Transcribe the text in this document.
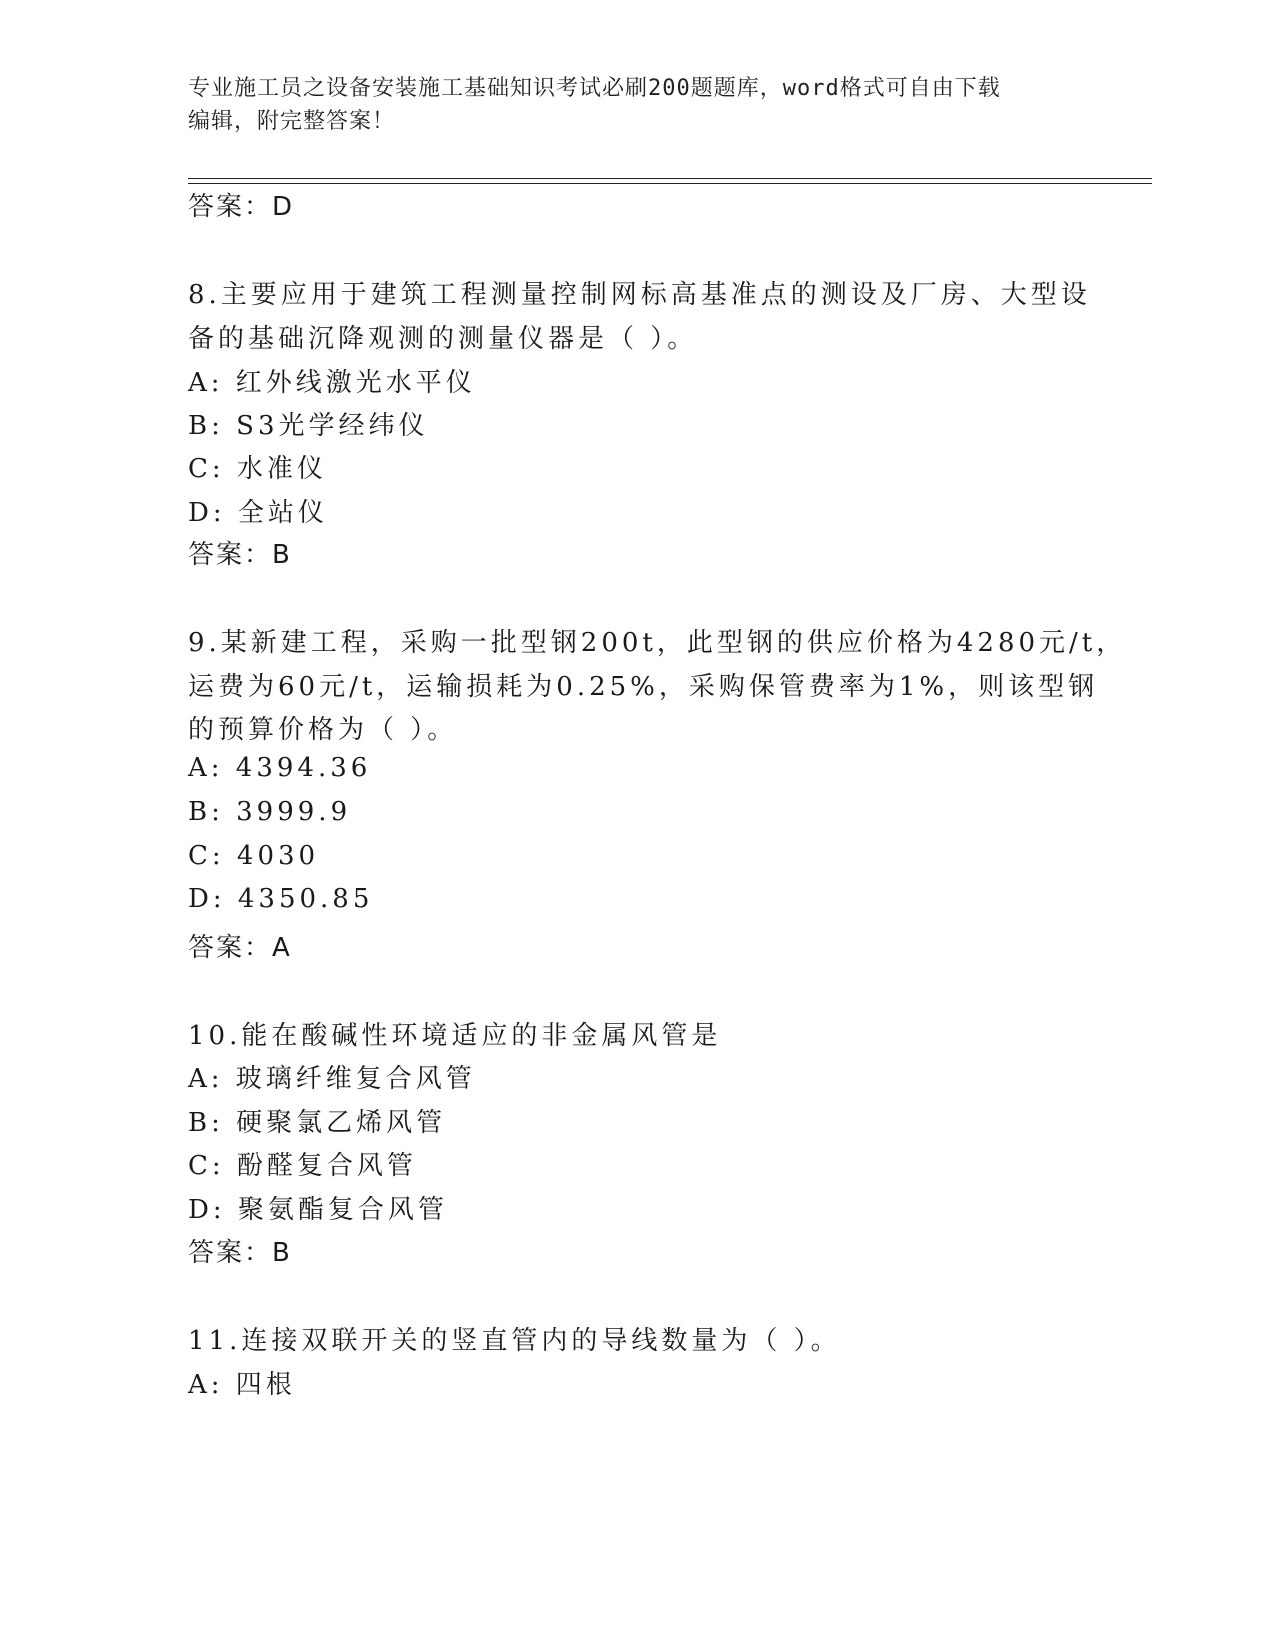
专业施工员之设备安装施工基础知识考试必刷200题题库，word格式可自由下载
编辑，附完整答案！
答案：D
8.主要应用于建筑工程测量控制网标高基准点的测设及厂房、大型设
备的基础沉降观测的测量仪器是（ ）。
A: 红外线激光水平仪
B: S3光学经纬仪
C: 水准仪
D: 全站仪
答案：B
9.某新建工程，采购一批型钢200t，此型钢的供应价格为4280元/t，
运费为60元/t，运输损耗为0.25%，采购保管费率为1%，则该型钢
的预算价格为（ ）。
A: 4394.36
B: 3999.9
C: 4030
D: 4350.85
答案：A
10.能在酸碱性环境适应的非金属风管是
A: 玻璃纤维复合风管
B: 硬聚氯乙烯风管
C: 酚醛复合风管
D: 聚氨酯复合风管
答案：B
11.连接双联开关的竖直管内的导线数量为（ ）。
A: 四根
